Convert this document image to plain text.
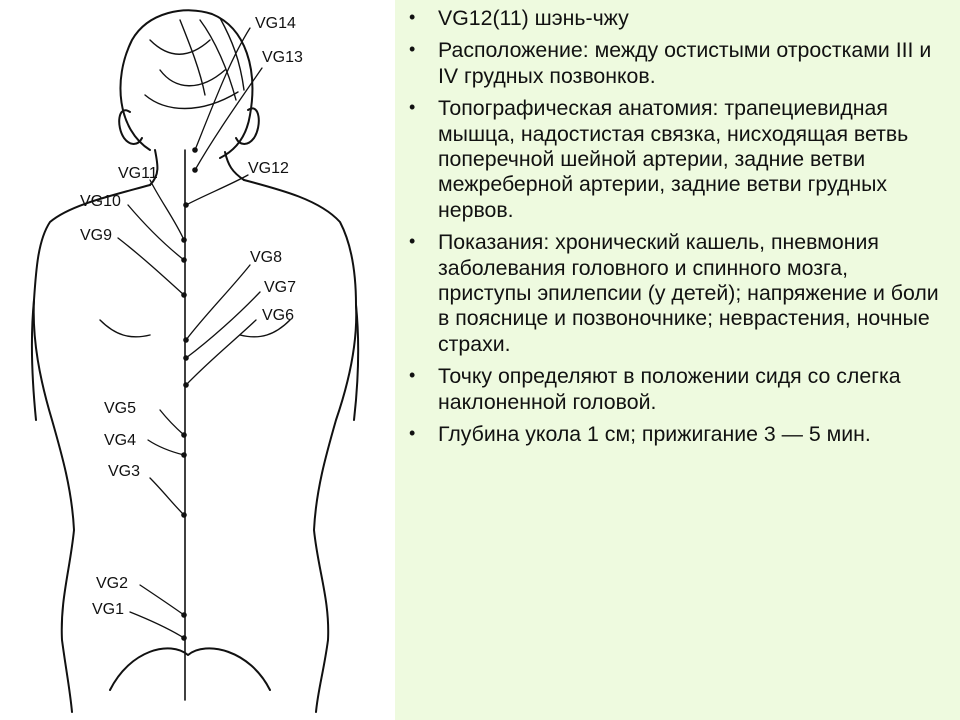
VG14
VG13
VG12
VG11
VG10
VG9
VG8
VG7
VG6
VG5
VG4
VG3
VG2
VG1
• VG12(11) шэнь-чжу
• Расположение: между остистыми отростками III и IV грудных позвонков.
• Топографическая анатомия: трапециевидная мышца, надостистая связка, нисходящая ветвь поперечной шейной артерии, задние ветви межреберной артерии, задние ветви грудных нервов.
• Показания: хронический кашель, пневмония заболевания головного и спинного мозга, приступы эпилепсии (у детей); напряжение и боли в пояснице и позвоночнике; неврастения, ночные страхи.
• Точку определяют в положении сидя со слегка наклоненной головой.
• Глубина укола 1 см; прижигание 3 — 5 мин.
